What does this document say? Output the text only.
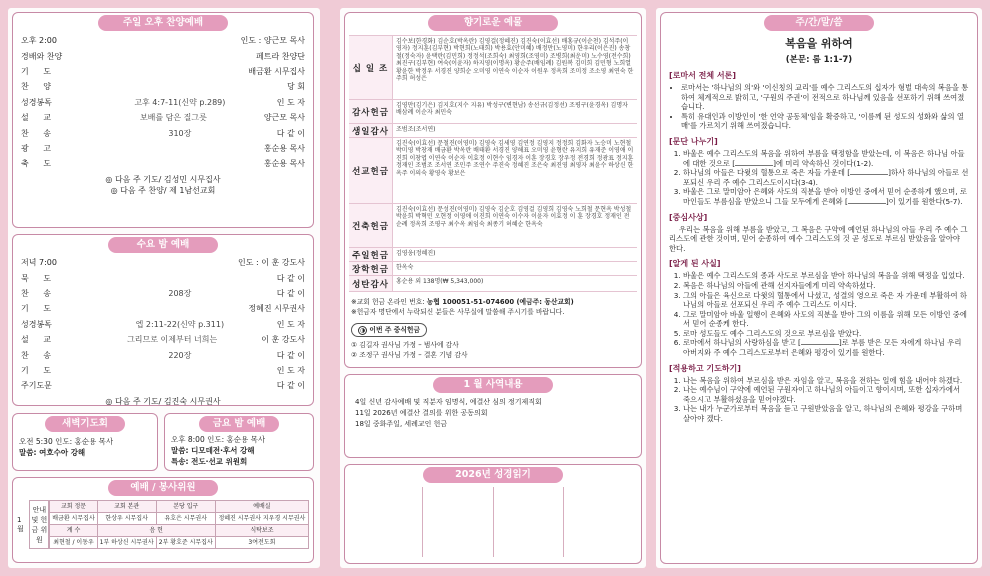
주일 오후 찬양예배
오후 2:00	인도 : 양근모 목사
경배와 찬양	페트라 찬양단
기 도	배금환 시무집사
찬 양	당 회
성경봉독	고후 4:7-11(신약 p.289)	인 도 자
설 교	보배를 담은 질그릇	양근모 목사
찬 송	310장	다 같 이
광 고	홍순용 목사
축 도	홍순용 목사
◎ 다음 주 기도/ 김성민 시무집사
◎ 다음 주 찬양/ 제 1남선교회
수요 밤 예배
저녁 7:00	인도 : 이 훈 강도사
묵 도	다 같 이
찬 송	208장	다 같 이
기 도	정혜진 시무권사
성경봉독	엡 2:11-22(신약 p.311)	인 도 자
설 교	그리므로 이제부터 너희는	이 훈 강도사
찬 송	220장	다 같 이
기 도	인 도 자
주기도문	다 같 이
◎ 다음 주 기도/ 김진숙 시무권사
새벽기도회
오전 5:30 인도: 홍순용 목사
말씀: 여호수아 강해
금요 밤 예배
오후 8:00 인도: 홍순용 목사
말씀: 디모데전·후서 강해
특송: 전도·선교 위원회
예배 / 봉사위원
1 월
안내 및 헌금 위원
교회 정문	교회 본관	본당 입구	예배실
배금환 시무집사	한상우 시무집사	유호은 시무권사	정혜진 시무권사 지우경 시무권사
계 수	음 헌		식탁보조
최현철 / 이동우	1부 하상신 시무권사	2부 황호준 시무집사	3여전도회
향기로운 예물
십 일 조
김수보(한경화) 김순호(박옥란) 김영걸(정혜진) 김진숙(이효선) 배홍규(이순천) 김석주(이영자) 정지훈(김부현) 박현희(노태희) 박용효(안미혜) 배정만(노영미) 한우리(이은진) 송창철(정숙자) 윤택란(김민희) 정정석(조희숙) 최영희(조영미) 조병희(최운미) 노수영(전수희) 최진구(김부현) 여숙(이윤자) 하지영(이명옥) 황순주(배임례) 김원복 김미희 김민형 노희열 황윤한 박정우 서경진 양희순 오미영 이연숙 이순자 이원우 정옥희 조미정 조소영 최연숙 한주희 허성은
감사헌금
김영만(김기은) 김지호(지수 지유) 박성구(변현남) 송선규(김정선) 조평구(윤경옥) 김명자 배삼례 이순자 최민숙
생일감사	조범조(조서연)
선교헌금
김진숙(이효선) 문철진(이영미) 김영숙 김세영 김연정 김영지 정정희 김화자 노승미 노현철 박미영 박창재 배금환 박옥란 배태환 서경진 양해표 오미영 윤형란 유지희 유재준 이영애 이진희 이창엽 이연숙 이순자 이효정 이현수 임경자 이훈 장경호 장우정 전경희 정광표 정지훈 정재인 조범조 조서연 조민주 조연수 주진숙 정혜진 조은숙 최진영 최영자 최윤수 하상신 한옥주 이의숙 황영숙 황보은
건축헌금
김진숙(이효선) 문성진(이영미) 김영숙 김순호 김영걸 김영희 김영숙 노희철 문현옥 박성철 박윤희 박혁민 오현정 이영애 이진희 이연숙 이수자 이윤자 이효정 이 훈 장경호 정재인 전순례 정옥희 조평구 최수옥 최임숙 최종기 허혜순 한옥숙
주일헌금	김영웅(정혜진)
장학헌금	한옥숙
성탄감사	홍순용 외 138명(₩ 5,343,000)
※교회 헌금 온라인 번호: 농협 100051-51-074600 (예금주: 동산교회)
※헌금자 명단에서 누락되신 분들은 사무실에 말씀해 주시기를 바랍니다.
◑ 이번 주 중식헌금
① 김길자 권사님 가정 – 범사에 감사
② 조정구 권사님 가정 – 결혼 기념 감사
1 월 사역내용
4일 신년 감사예배 및 직분자 임명식, 예결산 심의 정기제직회
11일 2026년 예결산 결의를 위한 공동의회
18일 중화주일, 세례교인 헌금
2026년 성경읽기
주/간/말/씀
복음을 위하여
(본문: 롬 1:1-7)
[로마서 전체 서론]
• 로마서는 '하나님의 의'와 '이신칭의 교리'를 예수 그리스도의 십자가 형벌 대속의 복음을 통하여 체계적으로 밝히고, '구원의 주권'이 전적으로 하나님께 있음을 선포하기 위해 쓰여졌습니다.
• 특히 유대인과 이방인이 '한 언약 공동체'임을 확증하고, '이름께 된 성도의 성화와 삶의 열매'를 가르치기 위해 쓰여졌습니다.
[문단 나누기]
1. 바울은 예수 그리스도의 복음을 위하여 부름을 택정함을 받았는데, 이 복음은 하나님 아들에 대한 것으로 [	]에 미리 약속하신 것이다(1-2).
2. 하나님의 아들은 다윗의 혈통으로 죽은 자들 가운데 [	]하사 하나님의 아들로 선포되신 우리 주 예수 그리스도이시다(3-4).
3. 바울은 그로 말미암아 은혜와 사도의 직분을 받아 이방인 중에서 믿어 순종하게 했으며, 로마인들도 부름심을 받았으니 그들 모두에게 은혜와 [	]이 있기를 원한다(5-7).
[중심사상]

우리는 복음을 위해 부름을 받았고, 그 복음은 구약에 예언된 하나님의 아들 우리 주 예수 그리스도에 관한 것이며, 믿어 순종하여 예수 그리스도의 것 곧 성도로 부르심 받았음을 알아야 한다.

[알게 된 사실]
1. 바울은 예수 그리스도의 종과 사도로 부르심을 받아 하나님의 복음을 위해 택정을 입었다.
2. 복음은 하나님의 아들에 관해 선지자들에게 미리 약속하셨다.
3. 그의 아들은 육신으로 다윗의 혈통에서 나셨고, 성결의 영으로 죽은 자 가운데 부활하여 하나님의 아들로 선포되신 우리 주 예수 그리스도 이시다.
4. 그로 말미암아 바울 일행이 은혜와 사도의 직분을 받아 그의 이름을 위해 모든 이방인 중에서 믿어 순종케 한다.
5. 로마 성도들도 예수 그리스도의 것으로 부르심을 받았다.
6. 로마에서 하나님의 사랑하심을 받고 [	]로 부름 받은 모든 자에게 하나님 우리 아버지와 주 예수 그리스도로부터 은혜와 평강이 있기를 원한다.
[적용하고 기도하기]
1. 나는 복음을 위하여 부르심을 받은 자임을 알고, 복음을 전하는 일에 힘을 내어야 하겠다.
2. 나는 예수님이 구약에 예언된 구원자이고 하나님의 아들이고 향이시며, 또한 십자가에서 죽으시고 부활하셨음을 믿어야겠다.
3. 나는 내가 누군가로부터 복음을 듣고 구원받았음을 알고, 하나님의 은혜와 평강을 구하며 살아야 겠다.
